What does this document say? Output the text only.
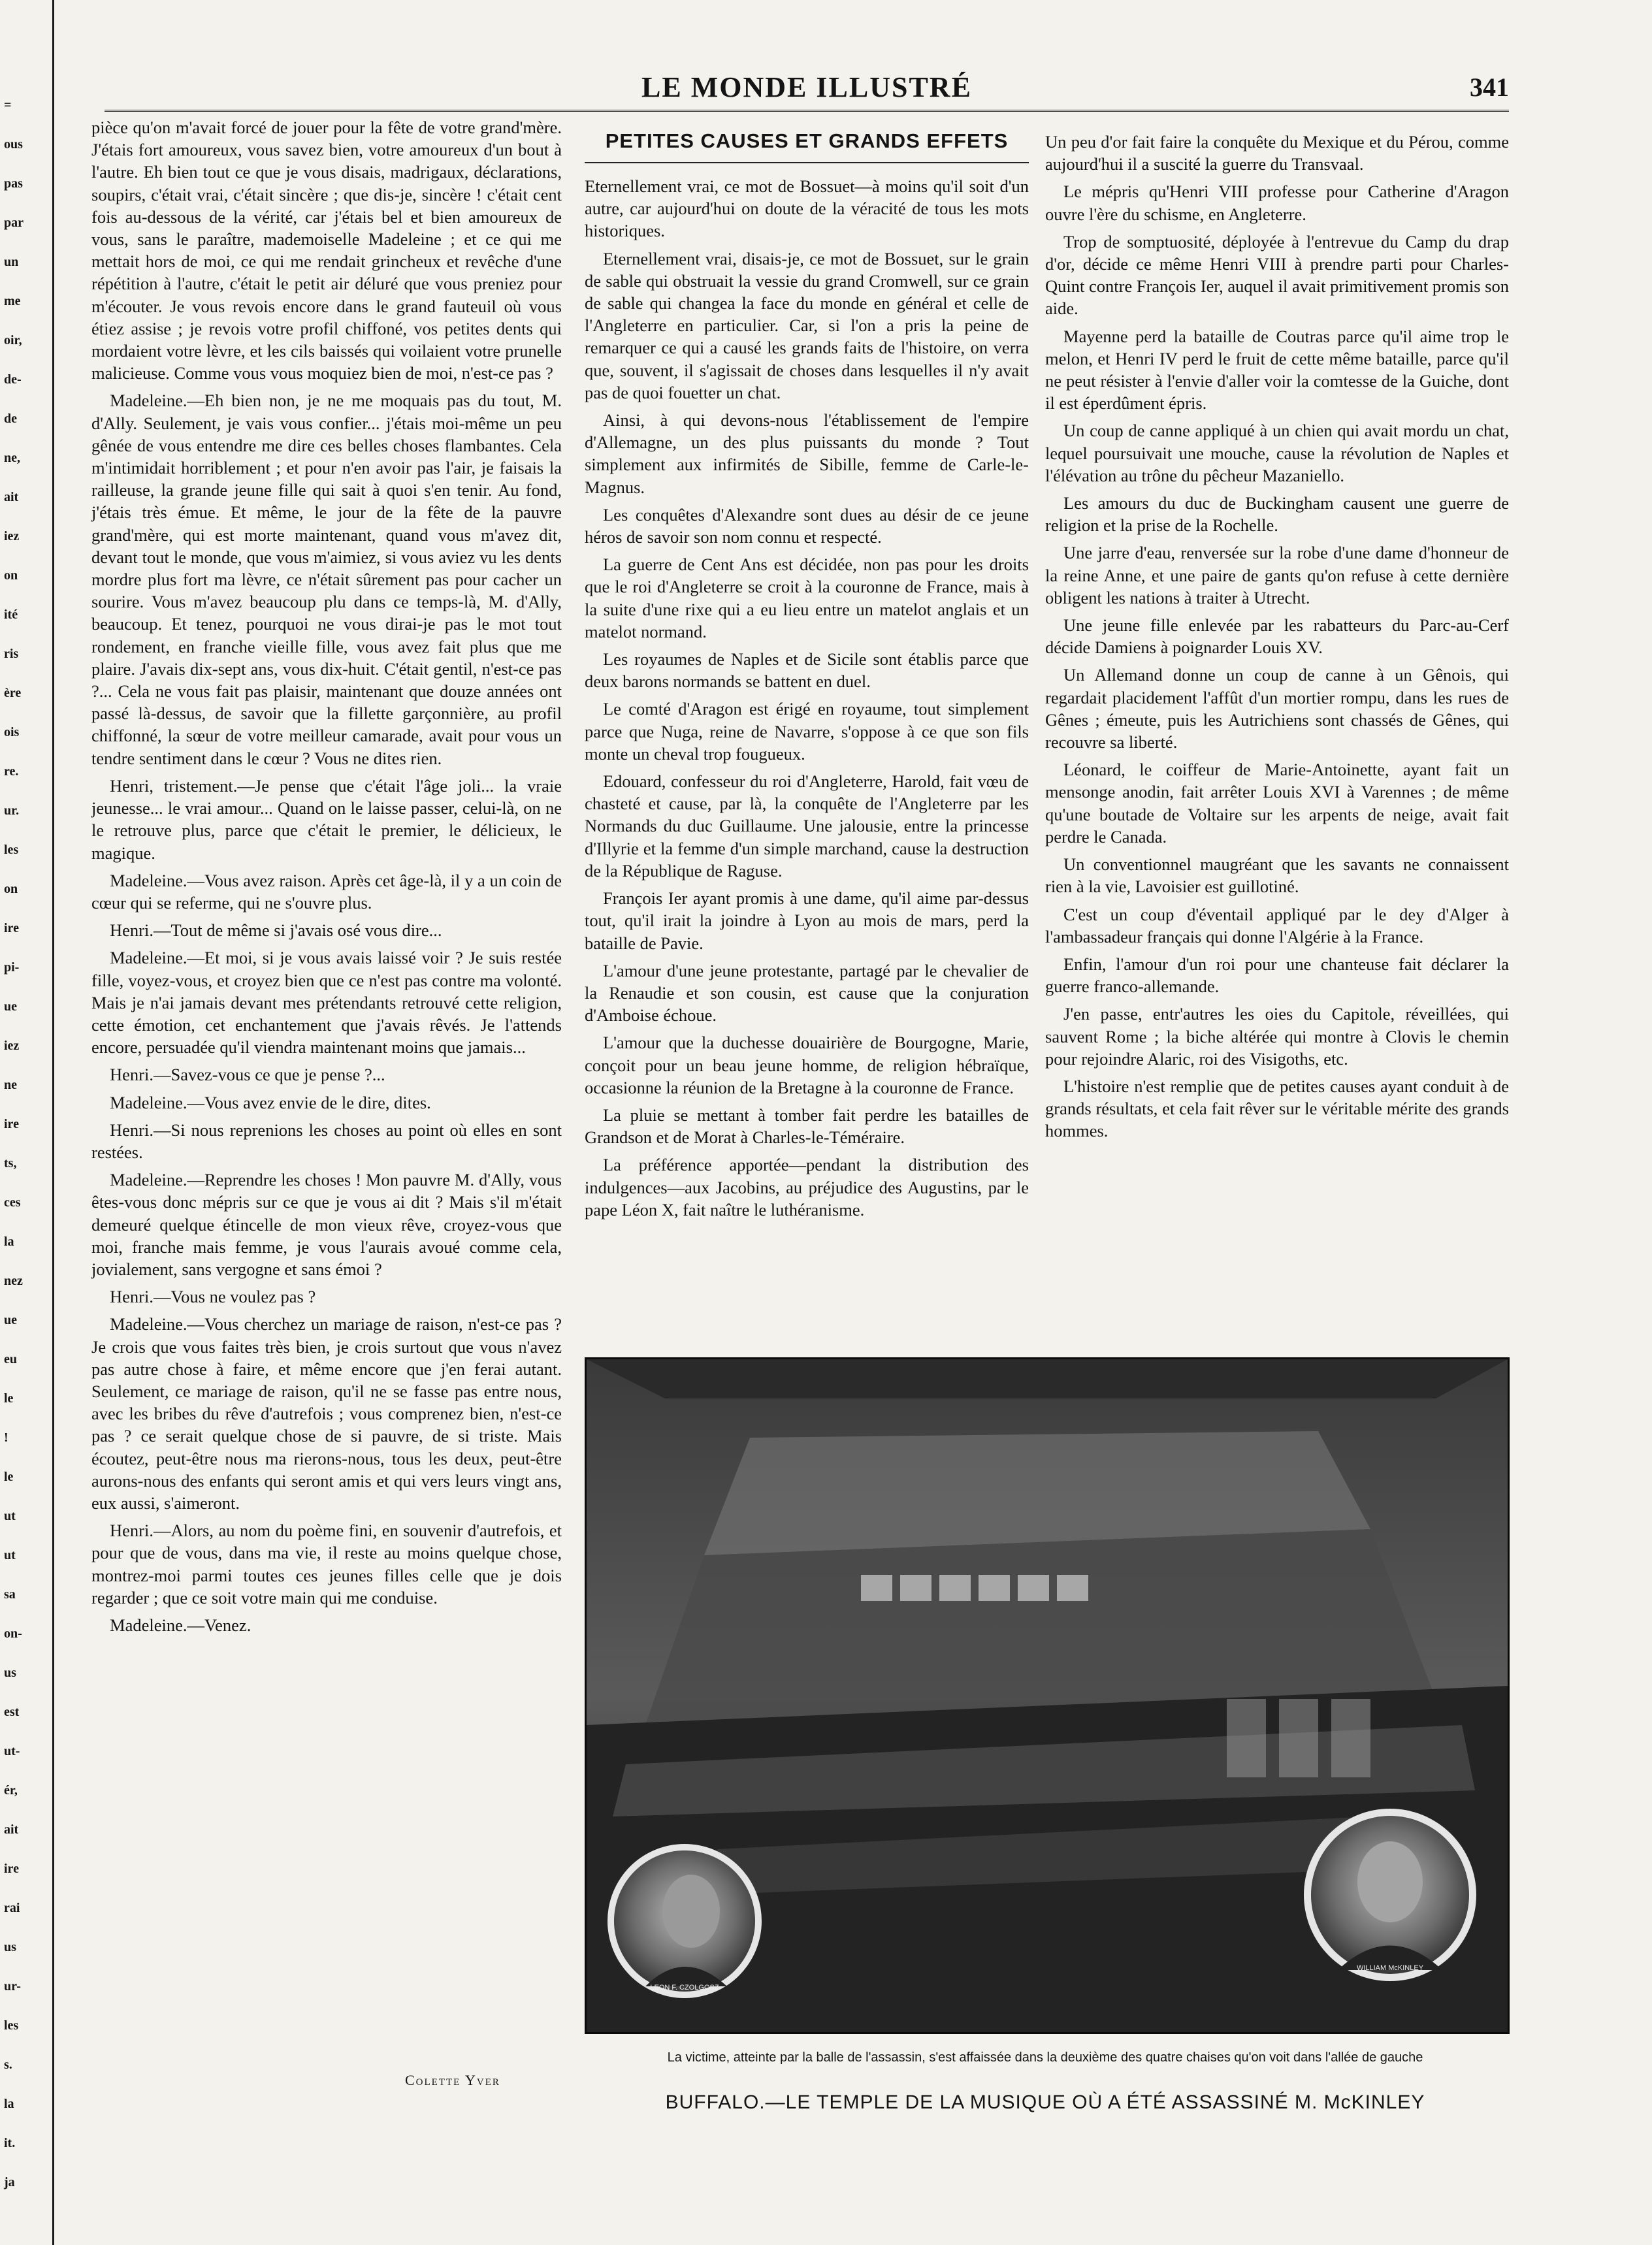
=
ous
pas
par
un
me
oir,
de-
de
ne,
ait
iez
on
ité
ris
ère
ois
re.
ur.
les
on
ire
pi-
ue
iez
ne
ire
ts,
ces
la
nez
ue
eu
le
!
le
ut
ut
sa
on-
us
est
ut-
ér,
ait
ire
rai
us
ur-
les
s.
la
it.
ja
LE MONDE ILLUSTRÉ	341

pièce qu'on m'avait forcé de jouer pour la fête de votre grand'mère. J'étais fort amoureux, vous savez bien, votre amoureux d'un bout à l'autre. Eh bien tout ce que je vous disais, madrigaux, déclarations, soupirs, c'était vrai, c'était sincère ; que dis-je, sincère ! c'était cent fois au-dessous de la vérité, car j'étais bel et bien amoureux de vous, sans le paraître, mademoiselle Madeleine ; et ce qui me mettait hors de moi, ce qui me rendait grincheux et revêche d'une répétition à l'autre, c'était le petit air déluré que vous preniez pour m'écouter. Je vous revois encore dans le grand fauteuil où vous étiez assise ; je revois votre profil chiffoné, vos petites dents qui mordaient votre lèvre, et les cils baissés qui voilaient votre prunelle malicieuse. Comme vous vous moquiez bien de moi, n'est-ce pas ?

Madeleine.—Eh bien non, je ne me moquais pas du tout, M. d'Ally. Seulement, je vais vous confier... j'étais moi-même un peu gênée de vous entendre me dire ces belles choses flambantes. Cela m'intimidait horriblement ; et pour n'en avoir pas l'air, je faisais la railleuse, la grande jeune fille qui sait à quoi s'en tenir. Au fond, j'étais très émue. Et même, le jour de la fête de la pauvre grand'mère, qui est morte maintenant, quand vous m'avez dit, devant tout le monde, que vous m'aimiez, si vous aviez vu les dents mordre plus fort ma lèvre, ce n'était sûrement pas pour cacher un sourire. Vous m'avez beaucoup plu dans ce temps-là, M. d'Ally, beaucoup. Et tenez, pourquoi ne vous dirai-je pas le mot tout rondement, en franche vieille fille, vous avez fait plus que me plaire. J'avais dix-sept ans, vous dix-huit. C'était gentil, n'est-ce pas ?... Cela ne vous fait pas plaisir, maintenant que douze années ont passé là-dessus, de savoir que la fillette garçonnière, au profil chiffonné, la sœur de votre meilleur camarade, avait pour vous un tendre sentiment dans le cœur ? Vous ne dites rien.

Henri, tristement.—Je pense que c'était l'âge joli... la vraie jeunesse... le vrai amour... Quand on le laisse passer, celui-là, on ne le retrouve plus, parce que c'était le premier, le délicieux, le magique.

Madeleine.—Vous avez raison. Après cet âge-là, il y a un coin de cœur qui se referme, qui ne s'ouvre plus.

Henri.—Tout de même si j'avais osé vous dire...

Madeleine.—Et moi, si je vous avais laissé voir ? Je suis restée fille, voyez-vous, et croyez bien que ce n'est pas contre ma volonté. Mais je n'ai jamais devant mes prétendants retrouvé cette religion, cette émotion, cet enchantement que j'avais rêvés. Je l'attends encore, persuadée qu'il viendra maintenant moins que jamais...

Henri.—Savez-vous ce que je pense ?...

Madeleine.—Vous avez envie de le dire, dites.

Henri.—Si nous reprenions les choses au point où elles en sont restées.

Madeleine.—Reprendre les choses ! Mon pauvre M. d'Ally, vous êtes-vous donc mépris sur ce que je vous ai dit ? Mais s'il m'était demeuré quelque étincelle de mon vieux rêve, croyez-vous que moi, franche mais femme, je vous l'aurais avoué comme cela, jovialement, sans vergogne et sans émoi ?

Henri.—Vous ne voulez pas ?

Madeleine.—Vous cherchez un mariage de raison, n'est-ce pas ? Je crois que vous faites très bien, je crois surtout que vous n'avez pas autre chose à faire, et même encore que j'en ferai autant. Seulement, ce mariage de raison, qu'il ne se fasse pas entre nous, avec les bribes du rêve d'autrefois ; vous comprenez bien, n'est-ce pas ? ce serait quelque chose de si pauvre, de si triste. Mais écoutez, peut-être nous ma rierons-nous, tous les deux, peut-être aurons-nous des enfants qui seront amis et qui vers leurs vingt ans, eux aussi, s'aimeront.

Henri.—Alors, au nom du poème fini, en souvenir d'autrefois, et pour que de vous, dans ma vie, il reste au moins quelque chose, montrez-moi parmi toutes ces jeunes filles celle que je dois regarder ; que ce soit votre main qui me conduise.

Madeleine.—Venez.

Colette Yver
PETITES CAUSES ET GRANDS EFFETS

Eternellement vrai, ce mot de Bossuet—à moins qu'il soit d'un autre, car aujourd'hui on doute de la véracité de tous les mots historiques.

Eternellement vrai, disais-je, ce mot de Bossuet, sur le grain de sable qui obstruait la vessie du grand Cromwell, sur ce grain de sable qui changea la face du monde en général et celle de l'Angleterre en particulier. Car, si l'on a pris la peine de remarquer ce qui a causé les grands faits de l'histoire, on verra que, souvent, il s'agissait de choses dans lesquelles il n'y avait pas de quoi fouetter un chat.

Ainsi, à qui devons-nous l'établissement de l'empire d'Allemagne, un des plus puissants du monde ? Tout simplement aux infirmités de Sibille, femme de Carle-le-Magnus.

Les conquêtes d'Alexandre sont dues au désir de ce jeune héros de savoir son nom connu et respecté.

La guerre de Cent Ans est décidée, non pas pour les droits que le roi d'Angleterre se croit à la couronne de France, mais à la suite d'une rixe qui a eu lieu entre un matelot anglais et un matelot normand.

Les royaumes de Naples et de Sicile sont établis parce que deux barons normands se battent en duel.

Le comté d'Aragon est érigé en royaume, tout simplement parce que Nuga, reine de Navarre, s'oppose à ce que son fils monte un cheval trop fougueux.

Edouard, confesseur du roi d'Angleterre, Harold, fait vœu de chasteté et cause, par là, la conquête de l'Angleterre par les Normands du duc Guillaume. Une jalousie, entre la princesse d'Illyrie et la femme d'un simple marchand, cause la destruction de la République de Raguse.

François Ier ayant promis à une dame, qu'il aime par-dessus tout, qu'il irait la joindre à Lyon au mois de mars, perd la bataille de Pavie.

L'amour d'une jeune protestante, partagé par le chevalier de la Renaudie et son cousin, est cause que la conjuration d'Amboise échoue.

L'amour que la duchesse douairière de Bourgogne, Marie, conçoit pour un beau jeune homme, de religion hébraïque, occasionne la réunion de la Bretagne à la couronne de France.

La pluie se mettant à tomber fait perdre les batailles de Grandson et de Morat à Charles-le-Téméraire.

La préférence apportée—pendant la distribution des indulgences—aux Jacobins, au préjudice des Augustins, par le pape Léon X, fait naître le luthéranisme.

Un peu d'or fait faire la conquête du Mexique et du Pérou, comme aujourd'hui il a suscité la guerre du Transvaal.

Le mépris qu'Henri VIII professe pour Catherine d'Aragon ouvre l'ère du schisme, en Angleterre.

Trop de somptuosité, déployée à l'entrevue du Camp du drap d'or, décide ce même Henri VIII à prendre parti pour Charles-Quint contre François Ier, auquel il avait primitivement promis son aide.

Mayenne perd la bataille de Coutras parce qu'il aime trop le melon, et Henri IV perd le fruit de cette même bataille, parce qu'il ne peut résister à l'envie d'aller voir la comtesse de la Guiche, dont il est éperdûment épris.

Un coup de canne appliqué à un chien qui avait mordu un chat, lequel poursuivait une mouche, cause la révolution de Naples et l'élévation au trône du pêcheur Mazaniello.

Les amours du duc de Buckingham causent une guerre de religion et la prise de la Rochelle.

Une jarre d'eau, renversée sur la robe d'une dame d'honneur de la reine Anne, et une paire de gants qu'on refuse à cette dernière obligent les nations à traiter à Utrecht.

Une jeune fille enlevée par les rabatteurs du Parc-au-Cerf décide Damiens à poignarder Louis XV.

Un Allemand donne un coup de canne à un Gênois, qui regardait placidement l'affût d'un mortier rompu, dans les rues de Gênes ; émeute, puis les Autrichiens sont chassés de Gênes, qui recouvre sa liberté.

Léonard, le coiffeur de Marie-Antoinette, ayant fait un mensonge anodin, fait arrêter Louis XVI à Varennes ; de même qu'une boutade de Voltaire sur les arpents de neige, avait fait perdre le Canada.

Un conventionnel maugréant que les savants ne connaissent rien à la vie, Lavoisier est guillotiné.

C'est un coup d'éventail appliqué par le dey d'Alger à l'ambassadeur français qui donne l'Algérie à la France.

Enfin, l'amour d'un roi pour une chanteuse fait déclarer la guerre franco-allemande.

J'en passe, entr'autres les oies du Capitole, réveillées, qui sauvent Rome ; la biche altérée qui montre à Clovis le chemin pour rejoindre Alaric, roi des Visigoths, etc.

L'histoire n'est remplie que de petites causes ayant conduit à de grands résultats, et cela fait rêver sur le véritable mérite des grands hommes.

LEON F. CZOLGOSZ
WILLIAM McKINLEY
La victime, atteinte par la balle de l'assassin, s'est affaissée dans la deuxième des quatre chaises qu'on voit dans l'allée de gauche
BUFFALO.—LE TEMPLE DE LA MUSIQUE OÙ A ÉTÉ ASSASSINÉ M. McKINLEY
